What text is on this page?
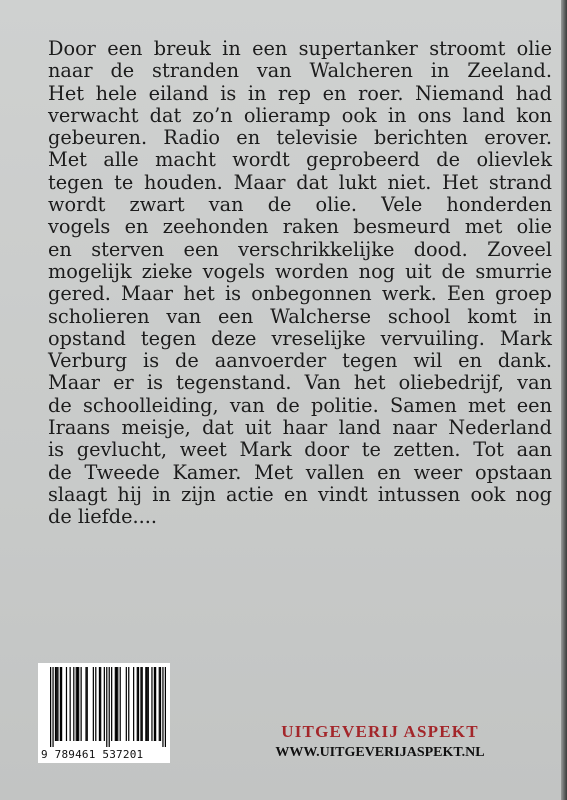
Door een breuk in een supertanker stroomt olie
naar de stranden van Walcheren in Zeeland.
Het hele eiland is in rep en roer. Niemand had
verwacht dat zo’n olieramp ook in ons land kon
gebeuren. Radio en televisie berichten erover.
Met alle macht wordt geprobeerd de olievlek
tegen te houden. Maar dat lukt niet. Het strand
wordt zwart van de olie. Vele honderden
vogels en zeehonden raken besmeurd met olie
en sterven een verschrikkelijke dood. Zoveel
mogelijk zieke vogels worden nog uit de smurrie
gered. Maar het is onbegonnen werk. Een groep
scholieren van een Walcherse school komt in
opstand tegen deze vreselijke vervuiling. Mark
Verburg is de aanvoerder tegen wil en dank.
Maar er is tegenstand. Van het oliebedrijf, van
de schoolleiding, van de politie. Samen met een
Iraans meisje, dat uit haar land naar Nederland
is gevlucht, weet Mark door te zetten. Tot aan
de Tweede Kamer. Met vallen en weer opstaan
slaagt hij in zijn actie en vindt intussen ook nog
de liefde....
9 789461 537201
UITGEVERIJ ASPEKT
WWW.UITGEVERIJASPEKT.NL
